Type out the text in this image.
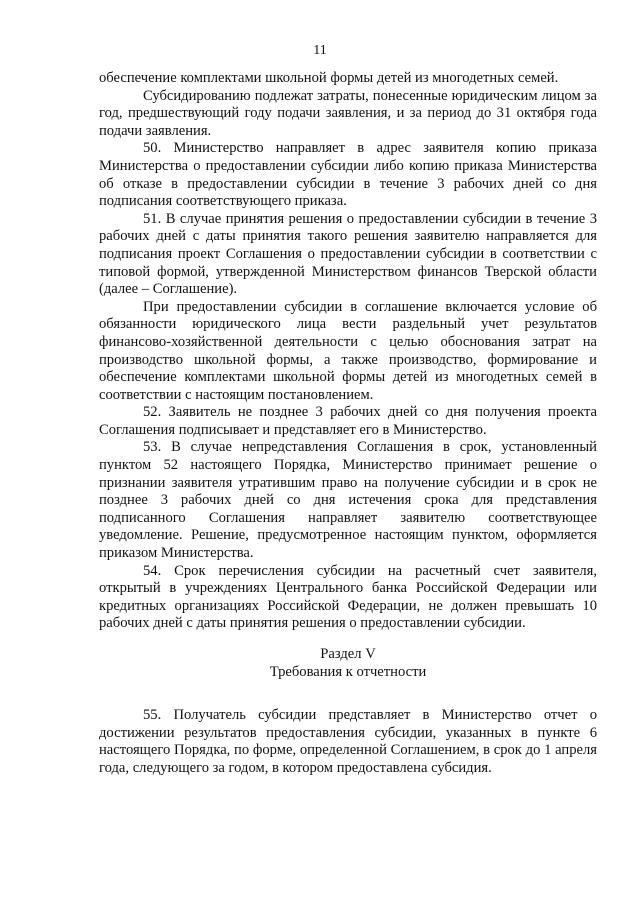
11

обеспечение комплектами школьной формы детей из многодетных семей.

Субсидированию подлежат затраты, понесенные юридическим лицом за год, предшествующий году подачи заявления, и за период до 31 октября года подачи заявления.

50. Министерство направляет в адрес заявителя копию приказа Министерства о предоставлении субсидии либо копию приказа Министерства об отказе в предоставлении субсидии в течение 3 рабочих дней со дня подписания соответствующего приказа.

51. В случае принятия решения о предоставлении субсидии в течение 3 рабочих дней с даты принятия такого решения заявителю направляется для подписания проект Соглашения о предоставлении субсидии в соответствии с типовой формой, утвержденной Министерством финансов Тверской области (далее – Соглашение).

При предоставлении субсидии в соглашение включается условие об обязанности юридического лица вести раздельный учет результатов финансово-хозяйственной деятельности с целью обоснования затрат на производство школьной формы, а также производство, формирование и обеспечение комплектами школьной формы детей из многодетных семей в соответствии с настоящим постановлением.

52. Заявитель не позднее 3 рабочих дней со дня получения проекта Соглашения подписывает и представляет его в Министерство.

53. В случае непредставления Соглашения в срок, установленный пунктом 52 настоящего Порядка, Министерство принимает решение о признании заявителя утратившим право на получение субсидии и в срок не позднее 3 рабочих дней со дня истечения срока для представления подписанного Соглашения направляет заявителю соответствующее уведомление. Решение, предусмотренное настоящим пунктом, оформляется приказом Министерства.

54. Срок перечисления субсидии на расчетный счет заявителя, открытый в учреждениях Центрального банка Российской Федерации или кредитных организациях Российской Федерации, не должен превышать 10 рабочих дней с даты принятия решения о предоставлении субсидии.

Раздел V

Требования к отчетности

55. Получатель субсидии представляет в Министерство отчет о достижении результатов предоставления субсидии, указанных в пункте 6 настоящего Порядка, по форме, определенной Соглашением, в срок до 1 апреля года, следующего за годом, в котором предоставлена субсидия.
